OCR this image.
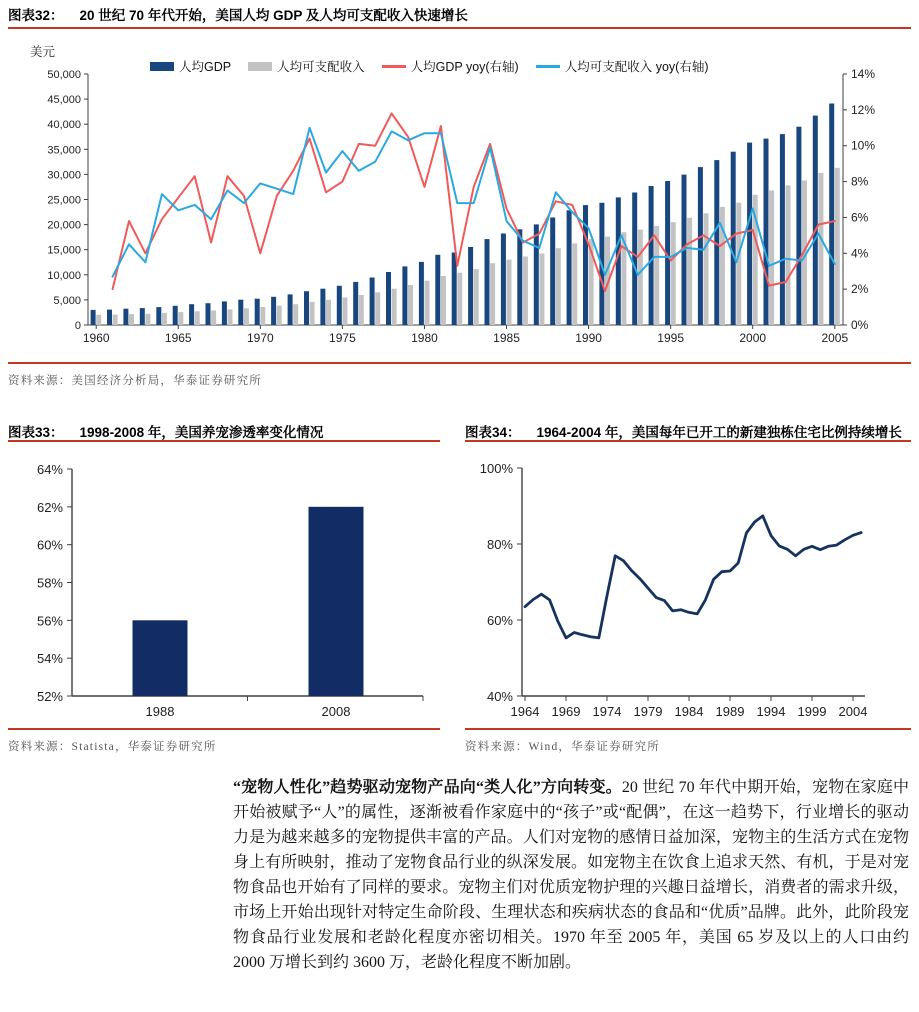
图表32： 20 世纪 70 年代开始，美国人均 GDP 及人均可支配收入快速增长
美元
人均GDP	人均可支配收入	人均GDP yoy(右轴)	人均可支配收入 yoy(右轴)
0
5,000
10,000
15,000
20,000
25,000
30,000
35,000
40,000
45,000
50,000
0%
2%
4%
6%
8%
10%
12%
14%
1960	1965	1970	1975	1980	1985	1990	1995	2000	2005
资料来源：美国经济分析局，华泰证券研究所
图表33： 1998-2008 年，美国养宠渗透率变化情况
52%
54%
56%
58%
60%
62%
64%
1988	2008
资料来源：Statista，华泰证券研究所
图表34： 1964-2004 年，美国每年已开工的新建独栋住宅比例持续增长
40%
60%
80%
100%
1964 1969 1974 1979 1984 1989 1994 1999 2004
资料来源：Wind，华泰证券研究所
“宠物人性化”趋势驱动宠物产品向“类人化”方向转变。20 世纪 70 年代中期开始，宠物在家庭中开始被赋予“人”的属性，逐渐被看作家庭中的“孩子”或“配偶”，在这一趋势下，行业增长的驱动力是为越来越多的宠物提供丰富的产品。人们对宠物的感情日益加深，宠物主的生活方式在宠物身上有所映射，推动了宠物食品行业的纵深发展。如宠物主在饮食上追求天然、有机，于是对宠物食品也开始有了同样的要求。宠物主们对优质宠物护理的兴趣日益增长，消费者的需求升级，市场上开始出现针对特定生命阶段、生理状态和疾病状态的食品和“优质”品牌。此外，此阶段宠物食品行业发展和老龄化程度亦密切相关。1970 年至 2005 年，美国 65 岁及以上的人口由约 2000 万增长到约 3600 万，老龄化程度不断加剧。
